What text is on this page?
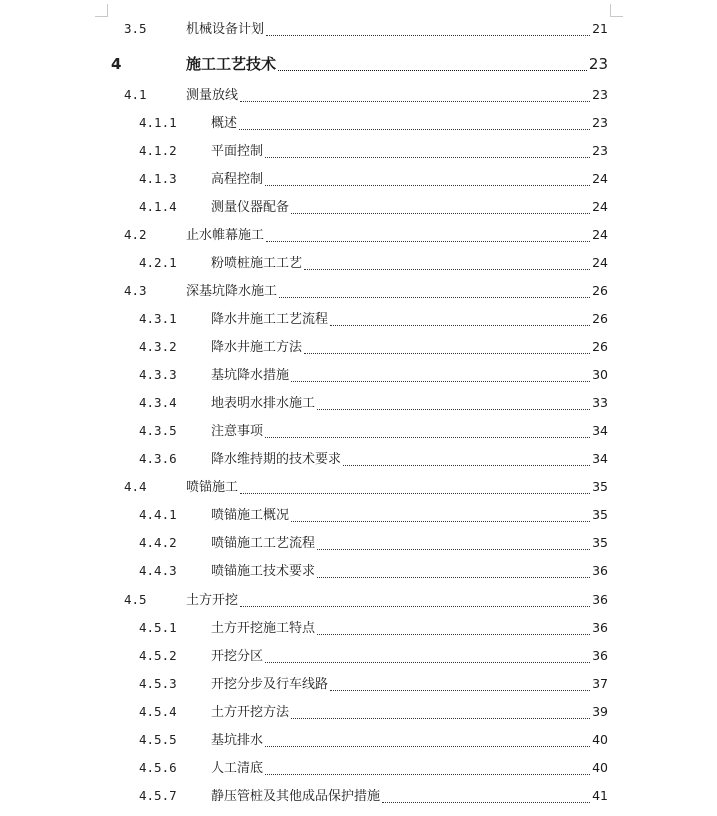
3.5	机械设备计划	21
4	施工工艺技术	23
4.1	测量放线	23
4.1.1	概述	23
4.1.2	平面控制	23
4.1.3	高程控制	24
4.1.4	测量仪器配备	24
4.2	止水帷幕施工	24
4.2.1	粉喷桩施工工艺	24
4.3	深基坑降水施工	26
4.3.1	降水井施工工艺流程	26
4.3.2	降水井施工方法	26
4.3.3	基坑降水措施	30
4.3.4	地表明水排水施工	33
4.3.5	注意事项	34
4.3.6	降水维持期的技术要求	34
4.4	喷锚施工	35
4.4.1	喷锚施工概况	35
4.4.2	喷锚施工工艺流程	35
4.4.3	喷锚施工技术要求	36
4.5	土方开挖	36
4.5.1	土方开挖施工特点	36
4.5.2	开挖分区	36
4.5.3	开挖分步及行车线路	37
4.5.4	土方开挖方法	39
4.5.5	基坑排水	40
4.5.6	人工清底	40
4.5.7	静压管桩及其他成品保护措施	41
